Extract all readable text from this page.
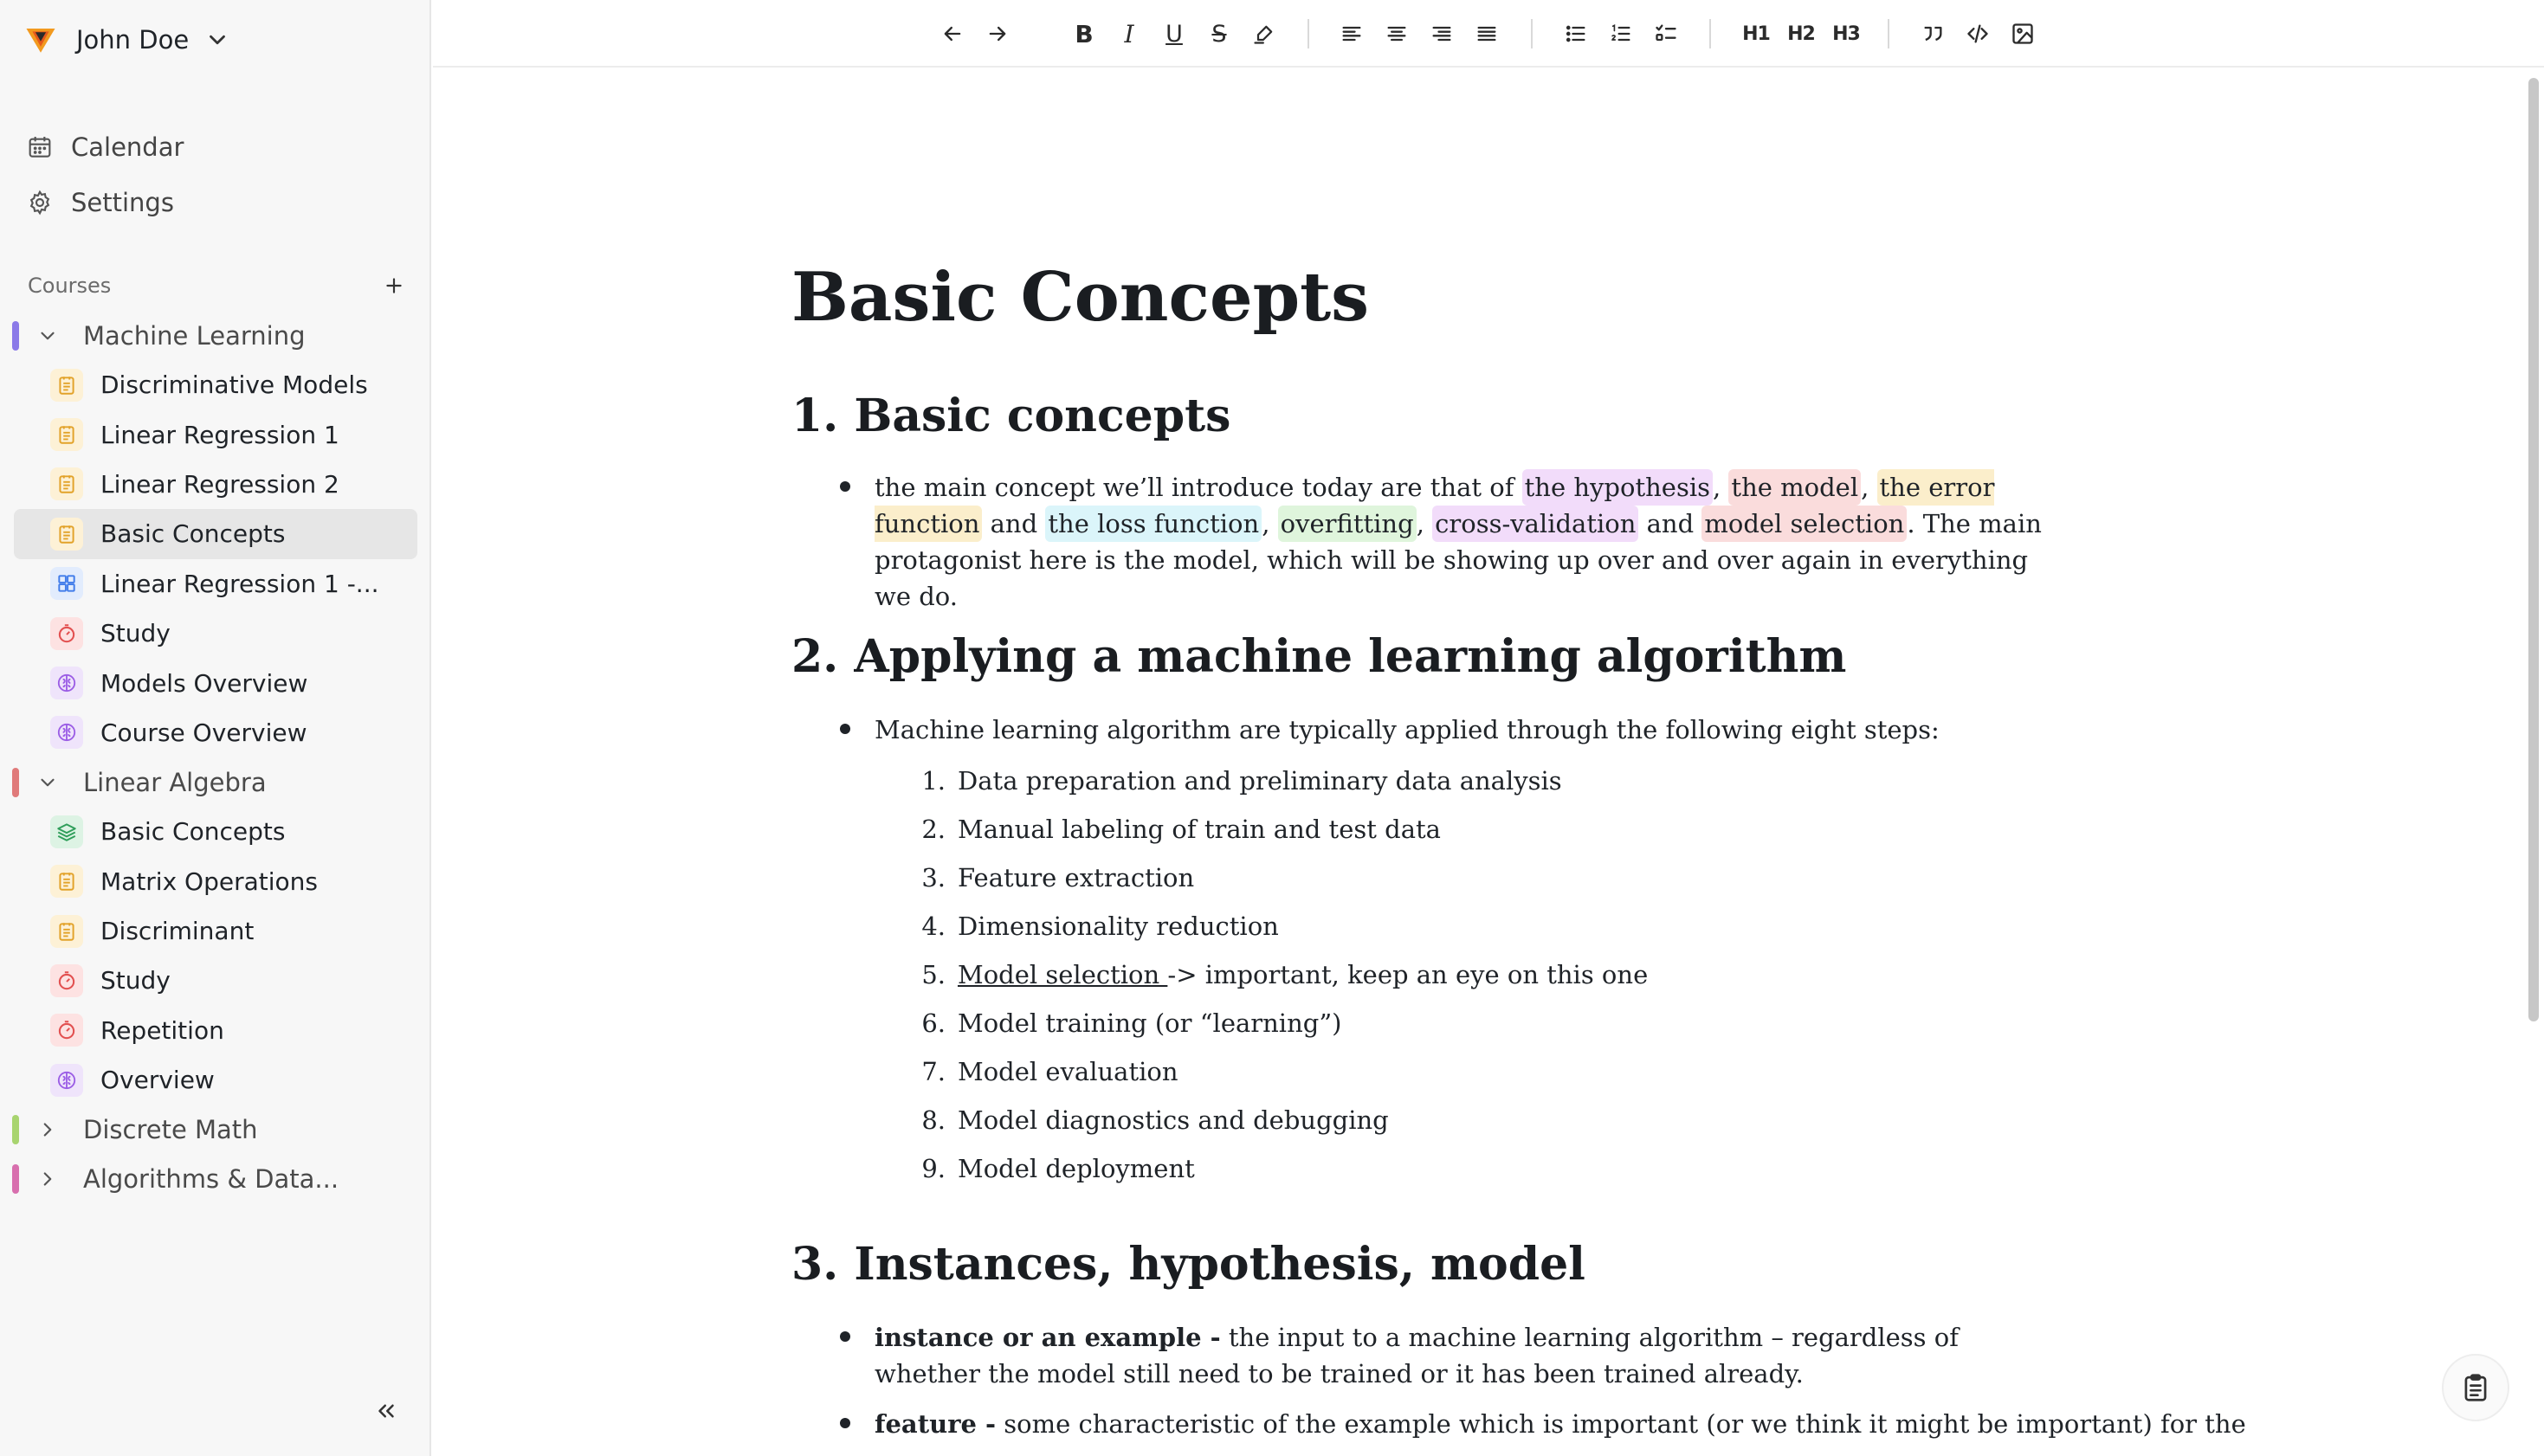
John Doe
Calendar
Settings
Courses
Machine Learning
Discriminative Models
Linear Regression 1
Linear Regression 2
Basic Concepts
Linear Regression 1 -...
Study
Models Overview
Course Overview
Linear Algebra
Basic Concepts
Matrix Operations
Discriminant
Study
Repetition
Overview
Discrete Math
Algorithms & Data...
B	I	U	S	H1 H2 H3
Basic Concepts
1. Basic concepts
the main concept we’ll introduce today are that of the hypothesis , the model , the error function and the loss function , overfitting , cross-validation and model selection . The main protagonist here is the model, which will be showing up over and over again in everything we do.
2. Applying a machine learning algorithm
Machine learning algorithm are typically applied through the following eight steps:
1. Data preparation and preliminary data analysis
2. Manual labeling of train and test data
3. Feature extraction
4. Dimensionality reduction
5. Model selection -> important, keep an eye on this one
6. Model training (or “learning”)
7. Model evaluation
8. Model diagnostics and debugging
9. Model deployment
3. Instances, hypothesis, model
instance or an example - the input to a machine learning algorithm – regardless of whether the model still need to be trained or it has been trained already.
feature - some characteristic of the example which is important (or we think it might be important) for the
